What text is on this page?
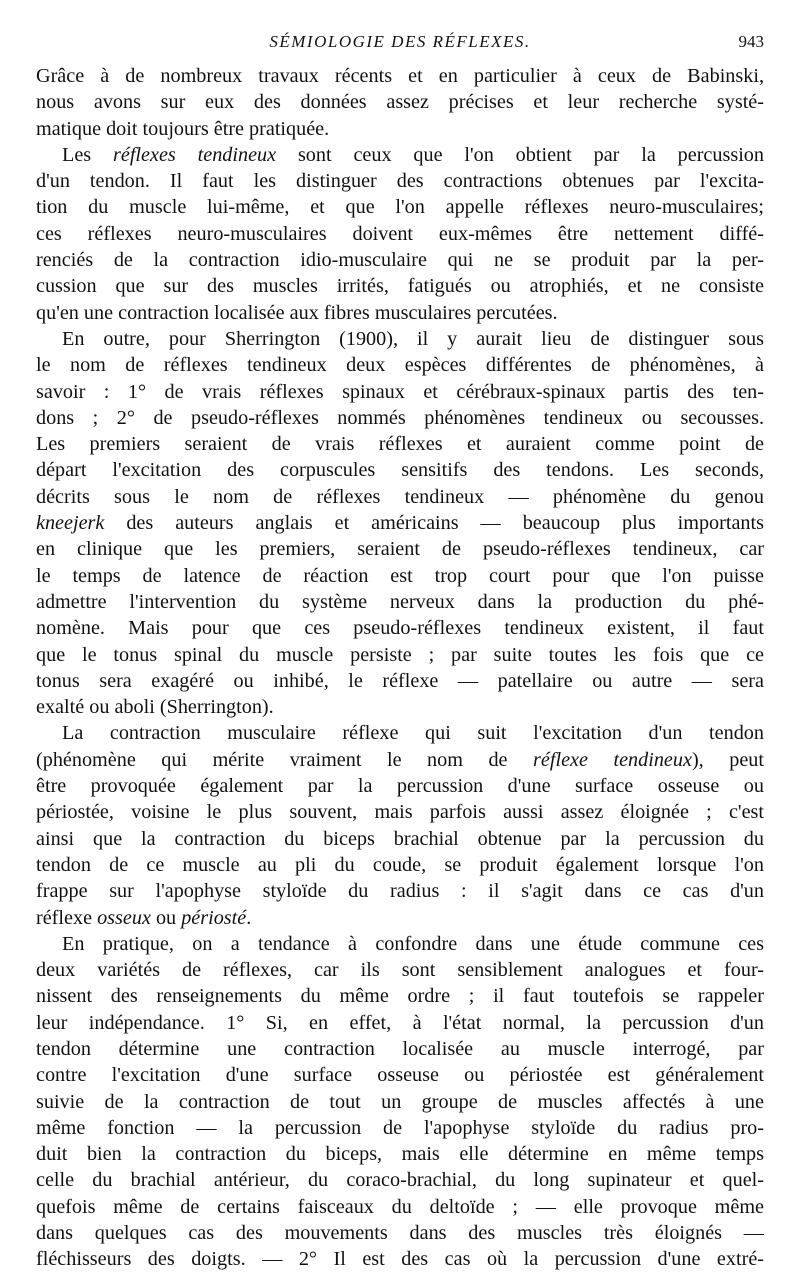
SÉMIOLOGIE DES RÉFLEXES.	943
Grâce à de nombreux travaux récents et en particulier à ceux de Babinski,
nous avons sur eux des données assez précises et leur recherche systé-
matique doit toujours être pratiquée.
Les réflexes tendineux sont ceux que l'on obtient par la percussion
d'un tendon. Il faut les distinguer des contractions obtenues par l'excita-
tion du muscle lui-même, et que l'on appelle réflexes neuro-musculaires;
ces réflexes neuro-musculaires doivent eux-mêmes être nettement diffé-
renciés de la contraction idio-musculaire qui ne se produit par la per-
cussion que sur des muscles irrités, fatigués ou atrophiés, et ne consiste
qu'en une contraction localisée aux fibres musculaires percutées.
En outre, pour Sherrington (1900), il y aurait lieu de distinguer sous
le nom de réflexes tendineux deux espèces différentes de phénomènes, à
savoir : 1° de vrais réflexes spinaux et cérébraux-spinaux partis des ten-
dons ; 2° de pseudo-réflexes nommés phénomènes tendineux ou secousses.
Les premiers seraient de vrais réflexes et auraient comme point de
départ l'excitation des corpuscules sensitifs des tendons. Les seconds,
décrits sous le nom de réflexes tendineux — phénomène du genou
kneejerk des auteurs anglais et américains — beaucoup plus importants
en clinique que les premiers, seraient de pseudo-réflexes tendineux, car
le temps de latence de réaction est trop court pour que l'on puisse
admettre l'intervention du système nerveux dans la production du phé-
nomène. Mais pour que ces pseudo-réflexes tendineux existent, il faut
que le tonus spinal du muscle persiste ; par suite toutes les fois que ce
tonus sera exagéré ou inhibé, le réflexe — patellaire ou autre — sera
exalté ou aboli (Sherrington).
La contraction musculaire réflexe qui suit l'excitation d'un tendon
(phénomène qui mérite vraiment le nom de réflexe tendineux), peut
être provoquée également par la percussion d'une surface osseuse ou
périostée, voisine le plus souvent, mais parfois aussi assez éloignée ; c'est
ainsi que la contraction du biceps brachial obtenue par la percussion du
tendon de ce muscle au pli du coude, se produit également lorsque l'on
frappe sur l'apophyse styloïde du radius : il s'agit dans ce cas d'un
réflexe osseux ou périosté.
En pratique, on a tendance à confondre dans une étude commune ces
deux variétés de réflexes, car ils sont sensiblement analogues et four-
nissent des renseignements du même ordre ; il faut toutefois se rappeler
leur indépendance. 1° Si, en effet, à l'état normal, la percussion d'un
tendon détermine une contraction localisée au muscle interrogé, par
contre l'excitation d'une surface osseuse ou périostée est généralement
suivie de la contraction de tout un groupe de muscles affectés à une
même fonction — la percussion de l'apophyse styloïde du radius pro-
duit bien la contraction du biceps, mais elle détermine en même temps
celle du brachial antérieur, du coraco-brachial, du long supinateur et quel-
quefois même de certains faisceaux du deltoïde ; — elle provoque même
dans quelques cas des mouvements dans des muscles très éloignés —
fléchisseurs des doigts. — 2° Il est des cas où la percussion d'une extré-
